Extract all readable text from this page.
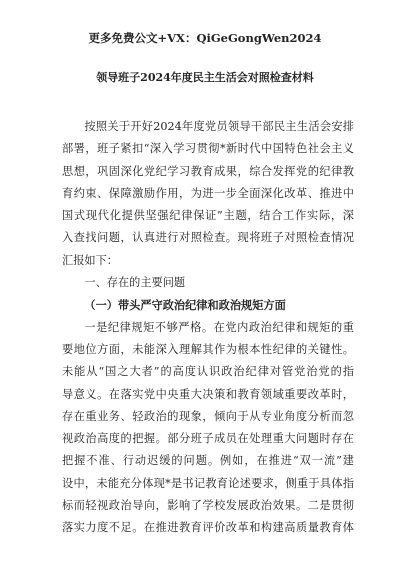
更多免费公文+VX：QiGeGongWen2024
领导班子2024年度民主生活会对照检查材料
按照关于开好2024年度党员领导干部民主生活会安排
部署，班子紧扣“深入学习贯彻*新时代中国特色社会主义
思想，巩固深化党纪学习教育成果，综合发挥党的纪律教
育约束、保障激励作用，为进一步全面深化改革、推进中
国式现代化提供坚强纪律保证”主题，结合工作实际，深
入查找问题，认真进行对照检查。现将班子对照检查情况
汇报如下：
一、存在的主要问题
（一）带头严守政治纪律和政治规矩方面
一是纪律规矩不够严格。在党内政治纪律和规矩的重
要地位方面，未能深入理解其作为根本性纪律的关键性。
未能从“国之大者”的高度认识政治纪律对管党治党的指
导意义。在落实党中央重大决策和教育领域重要改革时，
存在重业务、轻政治的现象，倾向于从专业角度分析而忽
视政治高度的把握。部分班子成员在处理重大问题时存在
把握不准、行动迟缓的问题。例如，在推进“双一流”建
设中，未能充分体现*是书记教育论述要求，侧重于具体指
标而轻视政治导向，影响了学校发展政治效果。二是贯彻
落实力度不足。在推进教育评价改革和构建高质量教育体
